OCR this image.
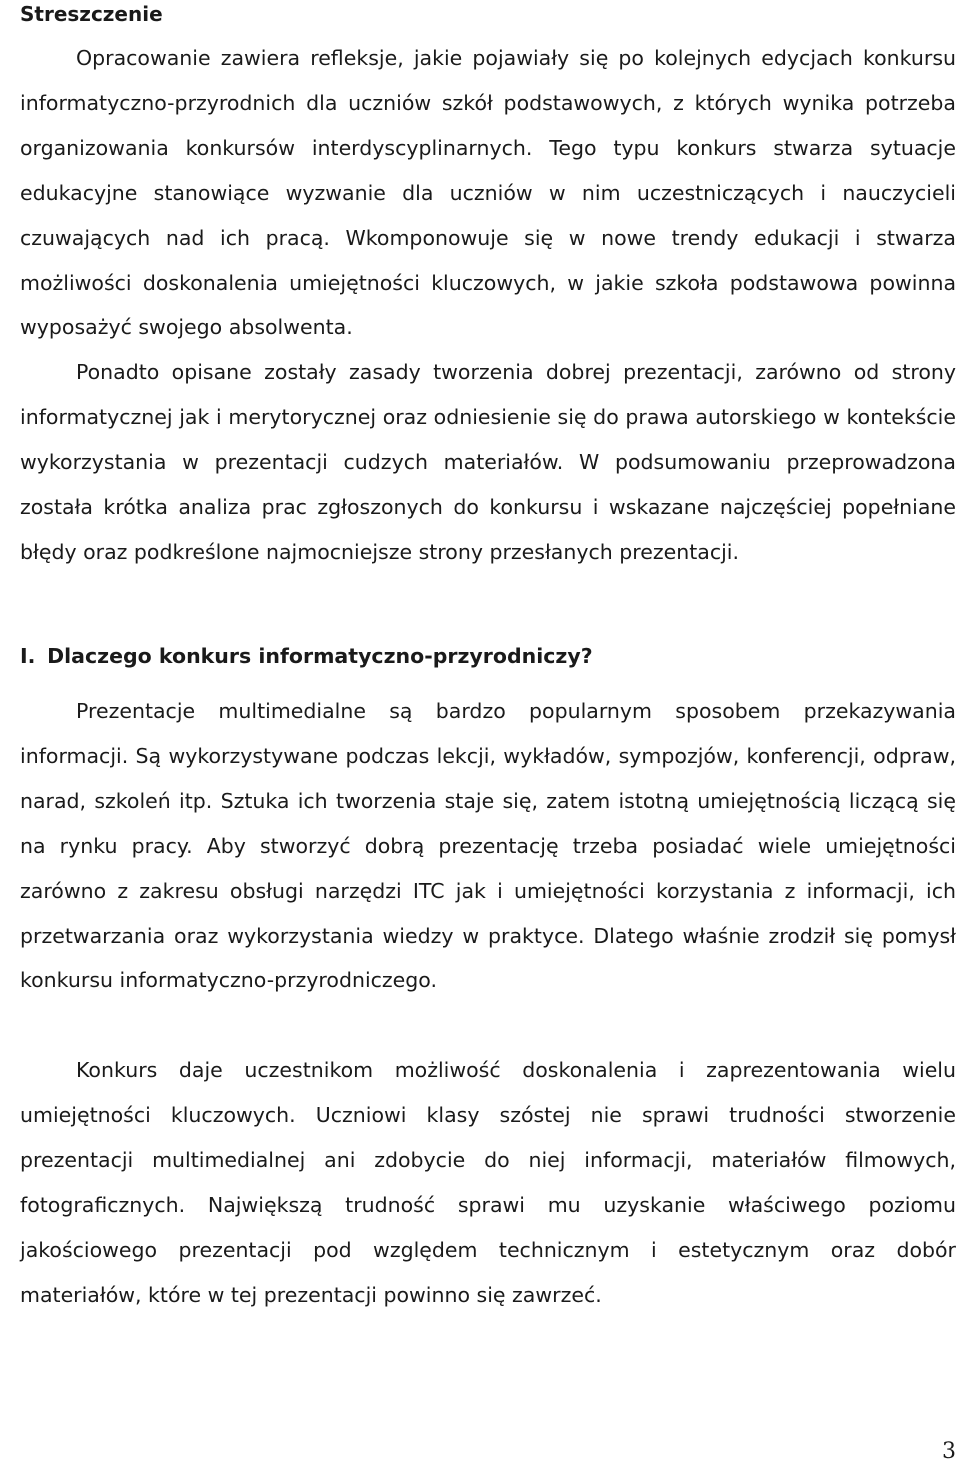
Streszczenie

Opracowanie zawiera refleksje, jakie pojawiały się po kolejnych edycjach konkursu informatyczno-przyrodnich dla uczniów szkół podstawowych, z których wynika potrzeba organizowania konkursów interdyscyplinarnych. Tego typu konkurs stwarza sytuacje edukacyjne stanowiące wyzwanie dla uczniów w nim uczestniczących i nauczycieli czuwających nad ich pracą. Wkomponowuje się w nowe trendy edukacji i stwarza możliwości doskonalenia umiejętności kluczowych, w jakie szkoła podstawowa powinna wyposażyć swojego absolwenta.

Ponadto opisane zostały zasady tworzenia dobrej prezentacji, zarówno od strony informatycznej jak i merytorycznej oraz odniesienie się do prawa autorskiego w kontekście wykorzystania w prezentacji cudzych materiałów. W podsumowaniu przeprowadzona została krótka analiza prac zgłoszonych do konkursu i wskazane najczęściej popełniane błędy oraz podkreślone najmocniejsze strony przesłanych prezentacji.

I. Dlaczego konkurs informatyczno-przyrodniczy?

Prezentacje multimedialne są bardzo popularnym sposobem przekazywania informacji. Są wykorzystywane podczas lekcji, wykładów, sympozjów, konferencji, odpraw, narad, szkoleń itp. Sztuka ich tworzenia staje się, zatem istotną umiejętnością liczącą się na rynku pracy. Aby stworzyć dobrą prezentację trzeba posiadać wiele umiejętności zarówno z zakresu obsługi narzędzi ITC jak i umiejętności korzystania z informacji, ich przetwarzania oraz wykorzystania wiedzy w praktyce. Dlatego właśnie zrodził się pomysł konkursu informatyczno-przyrodniczego.

Konkurs daje uczestnikom możliwość doskonalenia i zaprezentowania wielu umiejętności kluczowych. Uczniowi klasy szóstej nie sprawi trudności stworzenie prezentacji multimedialnej ani zdobycie do niej informacji, materiałów filmowych, fotograficznych. Największą trudność sprawi mu uzyskanie właściwego poziomu jakościowego prezentacji pod względem technicznym i estetycznym oraz dobór materiałów, które w tej prezentacji powinno się zawrzeć.

3
